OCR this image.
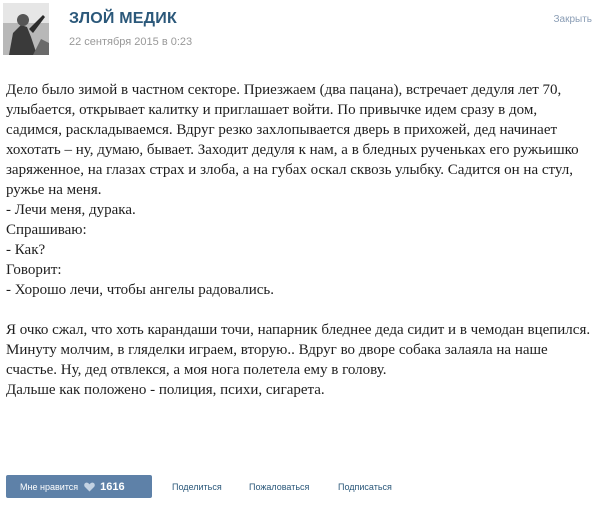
ЗЛОЙ МЕДИК
22 сентября 2015 в 0:23
Закрыть

Дело было зимой в частном секторе. Приезжаем (два пацана), встречает дедуля лет 70, улыбается, открывает калитку и приглашает войти. По привычке идем сразу в дом, садимся, раскладываемся. Вдруг резко захлопывается дверь в прихожей, дед начинает хохотать – ну, думаю, бывает. Заходит дедуля к нам, а в бледных рученьках его ружьишко заряженное, на глазах страх и злоба, а на губах оскал сквозь улыбку. Садится он на стул, ружье на меня.

- Лечи меня, дурака.

Спрашиваю:

- Как?

Говорит:

- Хорошо лечи, чтобы ангелы радовались.

Я очко сжал, что хоть карандаши точи, напарник бледнее деда сидит и в чемодан вцепился. Минуту молчим, в гляделки играем, вторую.. Вдруг во дворе собака залаяла на наше счастье. Ну, дед отвлекся, а моя нога полетела ему в голову.

Дальше как положено - полиция, психи, сигарета.

Мне нравится 1616	Поделиться	Пожаловаться	Подписаться
